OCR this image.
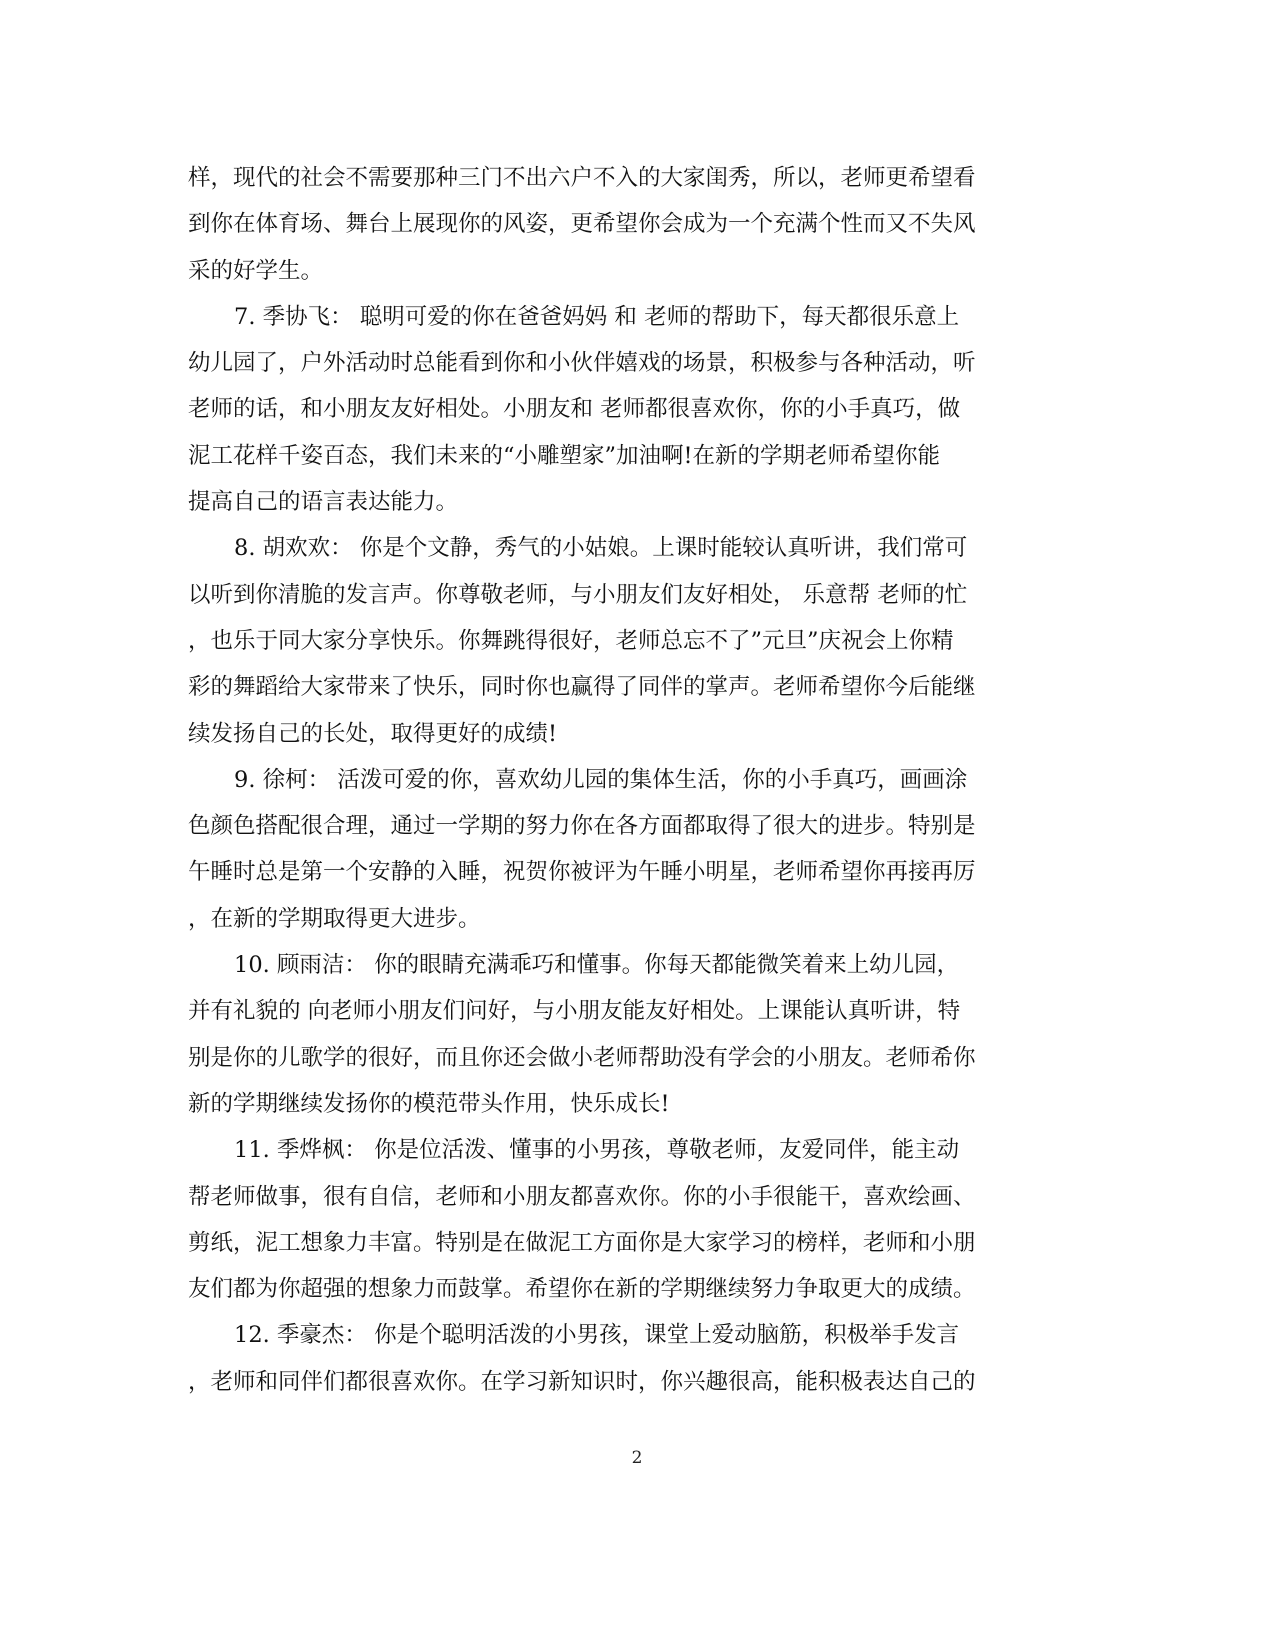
样，现代的社会不需要那种三门不出六户不入的大家闺秀，所以，老师更希望看
到你在体育场、舞台上展现你的风姿，更希望你会成为一个充满个性而又不失风
采的好学生。
7. 季协飞： 聪明可爱的你在爸爸妈妈 和 老师的帮助下，每天都很乐意上
幼儿园了，户外活动时总能看到你和小伙伴嬉戏的场景，积极参与各种活动，听
老师的话，和小朋友友好相处。小朋友和 老师都很喜欢你，你的小手真巧，做
泥工花样千姿百态，我们未来的“小雕塑家”加油啊!在新的学期老师希望你能
提高自己的语言表达能力。
8. 胡欢欢： 你是个文静，秀气的小姑娘。上课时能较认真听讲，我们常可
以听到你清脆的发言声。你尊敬老师，与小朋友们友好相处， 乐意帮 老师的忙
，也乐于同大家分享快乐。你舞跳得很好，老师总忘不了”元旦”庆祝会上你精
彩的舞蹈给大家带来了快乐，同时你也赢得了同伴的掌声。老师希望你今后能继
续发扬自己的长处，取得更好的成绩!
9. 徐柯： 活泼可爱的你，喜欢幼儿园的集体生活，你的小手真巧，画画涂
色颜色搭配很合理，通过一学期的努力你在各方面都取得了很大的进步。特别是
午睡时总是第一个安静的入睡，祝贺你被评为午睡小明星，老师希望你再接再厉
，在新的学期取得更大进步。
10. 顾雨洁： 你的眼睛充满乖巧和懂事。你每天都能微笑着来上幼儿园，
并有礼貌的 向老师小朋友们问好，与小朋友能友好相处。上课能认真听讲，特
别是你的儿歌学的很好，而且你还会做小老师帮助没有学会的小朋友。老师希你
新的学期继续发扬你的模范带头作用，快乐成长!
11. 季烨枫： 你是位活泼、懂事的小男孩，尊敬老师，友爱同伴，能主动
帮老师做事，很有自信，老师和小朋友都喜欢你。你的小手很能干，喜欢绘画、
剪纸，泥工想象力丰富。特别是在做泥工方面你是大家学习的榜样，老师和小朋
友们都为你超强的想象力而鼓掌。希望你在新的学期继续努力争取更大的成绩。
12. 季豪杰： 你是个聪明活泼的小男孩，课堂上爱动脑筋，积极举手发言
，老师和同伴们都很喜欢你。在学习新知识时，你兴趣很高，能积极表达自己的
2
